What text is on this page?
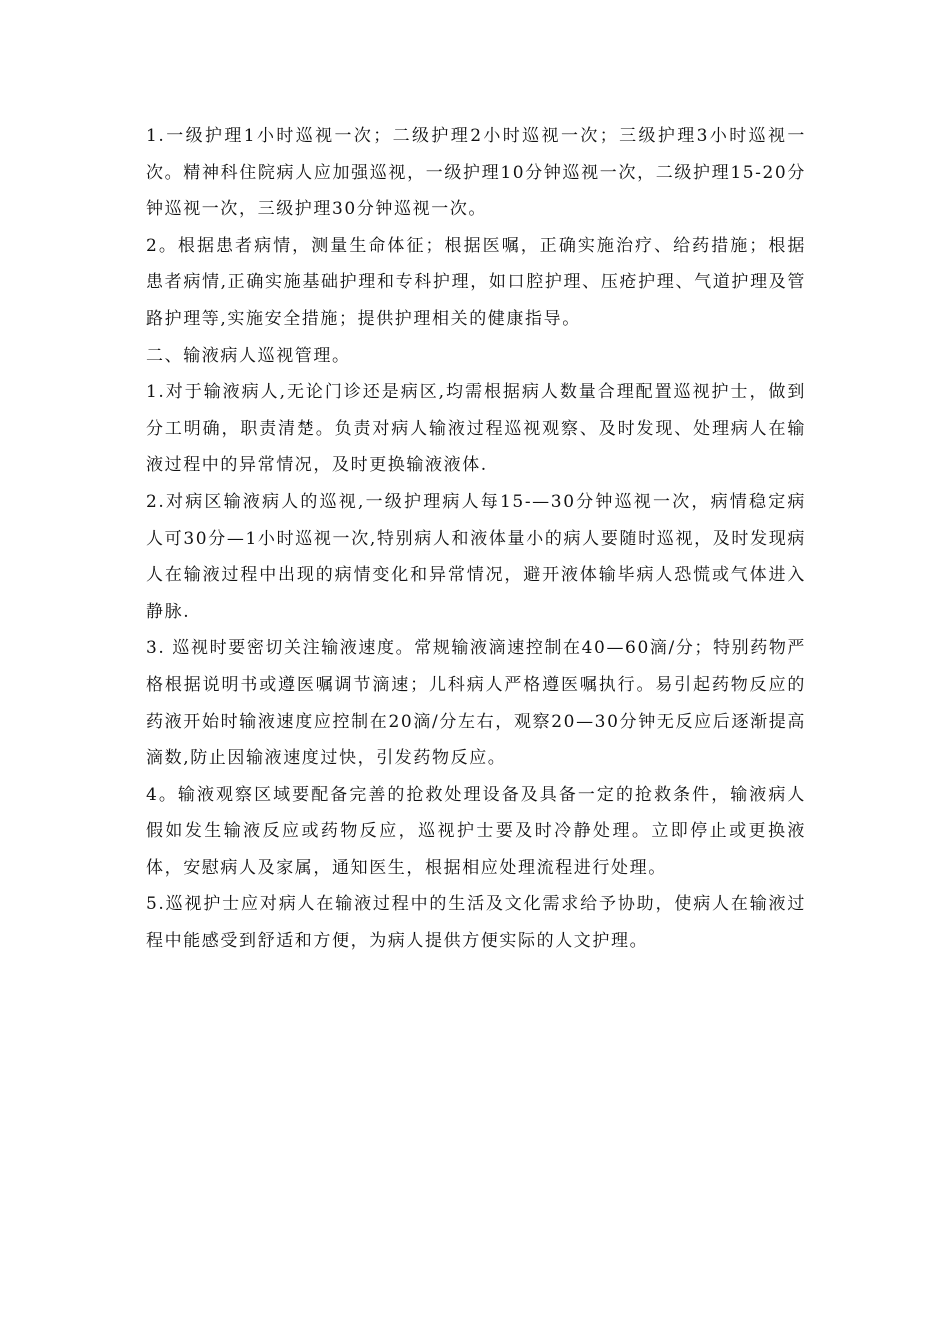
1.一级护理1小时巡视一次；二级护理2小时巡视一次；三级护理3小时巡视一次。精神科住院病人应加强巡视，一级护理10分钟巡视一次，二级护理15-20分钟巡视一次，三级护理30分钟巡视一次。

2。根据患者病情，测量生命体征；根据医嘱，正确实施治疗、给药措施；根据患者病情,正确实施基础护理和专科护理，如口腔护理、压疮护理、气道护理及管路护理等,实施安全措施；提供护理相关的健康指导。

二、输液病人巡视管理。

1.对于输液病人,无论门诊还是病区,均需根据病人数量合理配置巡视护士，做到分工明确，职责清楚。负责对病人输液过程巡视观察、及时发现、处理病人在输液过程中的异常情况，及时更换输液液体.

2.对病区输液病人的巡视,一级护理病人每15-—30分钟巡视一次，病情稳定病人可30分—1小时巡视一次,特别病人和液体量小的病人要随时巡视，及时发现病人在输液过程中出现的病情变化和异常情况，避开液体输毕病人恐慌或气体进入静脉.

3. 巡视时要密切关注输液速度。常规输液滴速控制在40—60滴/分；特别药物严格根据说明书或遵医嘱调节滴速；儿科病人严格遵医嘱执行。易引起药物反应的药液开始时输液速度应控制在20滴/分左右，观察20—30分钟无反应后逐渐提高滴数,防止因输液速度过快，引发药物反应。

4。输液观察区域要配备完善的抢救处理设备及具备一定的抢救条件，输液病人假如发生输液反应或药物反应，巡视护士要及时冷静处理。立即停止或更换液体，安慰病人及家属，通知医生，根据相应处理流程进行处理。

5.巡视护士应对病人在输液过程中的生活及文化需求给予协助，使病人在输液过程中能感受到舒适和方便，为病人提供方便实际的人文护理。
